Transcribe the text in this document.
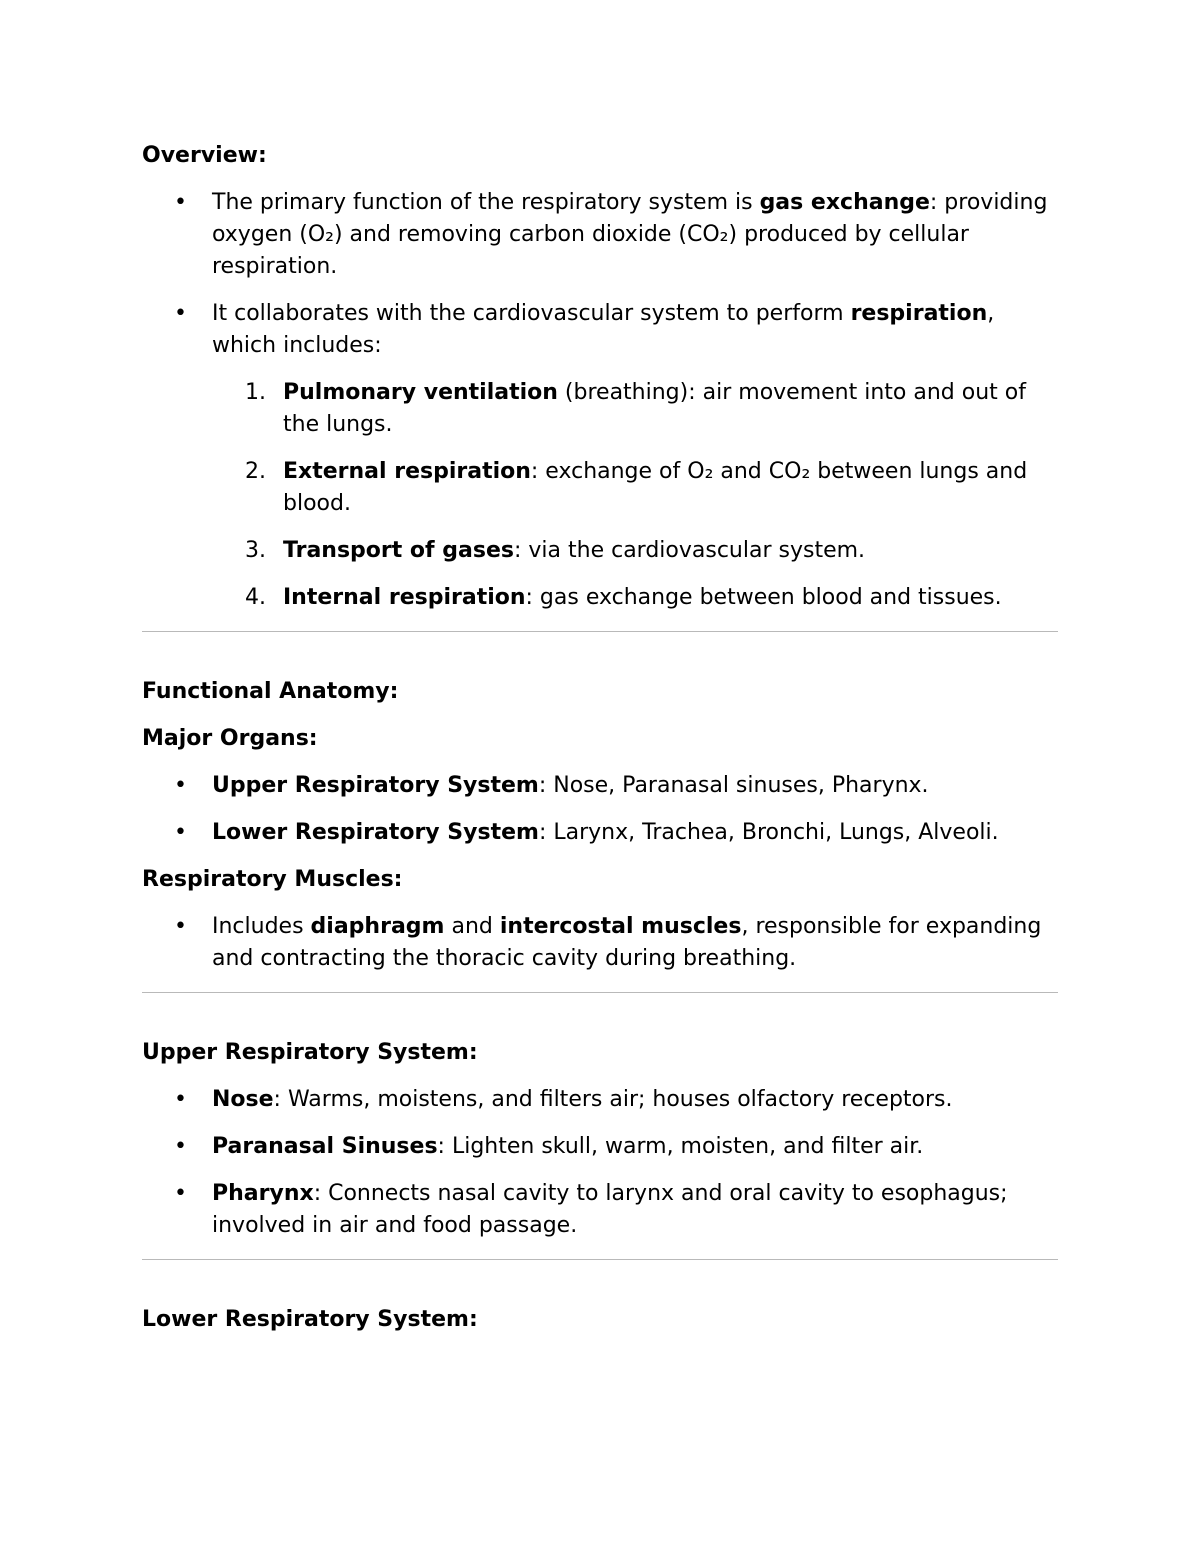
Overview:
• The primary function of the respiratory system is gas exchange: providing oxygen (O₂) and removing carbon dioxide (CO₂) produced by cellular respiration.
• It collaborates with the cardiovascular system to perform respiration, which includes:
1. Pulmonary ventilation (breathing): air movement into and out of the lungs.
2. External respiration: exchange of O₂ and CO₂ between lungs and blood.
3. Transport of gases: via the cardiovascular system.
4. Internal respiration: gas exchange between blood and tissues.
Functional Anatomy:
Major Organs:
• Upper Respiratory System: Nose, Paranasal sinuses, Pharynx.
• Lower Respiratory System: Larynx, Trachea, Bronchi, Lungs, Alveoli.
Respiratory Muscles:
• Includes diaphragm and intercostal muscles, responsible for expanding and contracting the thoracic cavity during breathing.
Upper Respiratory System:
• Nose: Warms, moistens, and filters air; houses olfactory receptors.
• Paranasal Sinuses: Lighten skull, warm, moisten, and filter air.
• Pharynx: Connects nasal cavity to larynx and oral cavity to esophagus; involved in air and food passage.
Lower Respiratory System:
